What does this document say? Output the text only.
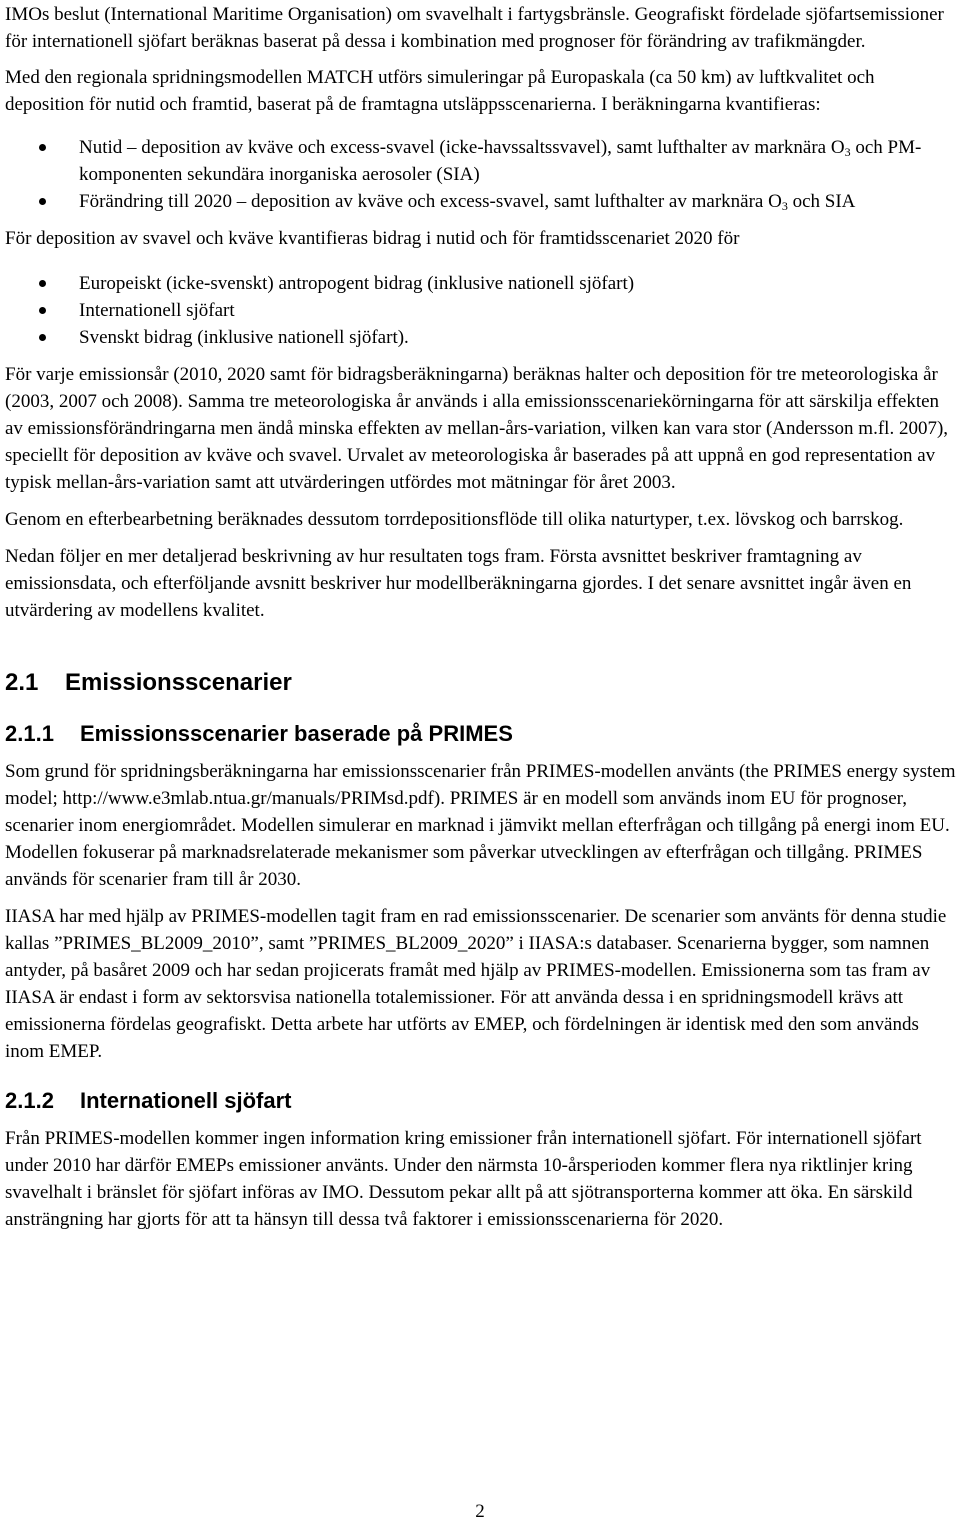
IMOs beslut (International Maritime Organisation) om svavelhalt i fartygsbränsle. Geografiskt fördelade sjöfartsemissioner för internationell sjöfart beräknas baserat på dessa i kombination med prognoser för förändring av trafikmängder.

Med den regionala spridningsmodellen MATCH utförs simuleringar på Europaskala (ca 50 km) av luftkvalitet och deposition för nutid och framtid, baserat på de framtagna utsläppsscenarierna. I beräkningarna kvantifieras:

Nutid – deposition av kväve och excess-svavel (icke-havssaltssvavel), samt lufthalter av marknära $O_3$ och PM-komponenten sekundära inorganiska aerosoler (SIA)
Förändring till 2020 – deposition av kväve och excess-svavel, samt lufthalter av marknära $O_3$ och SIA

För deposition av svavel och kväve kvantifieras bidrag i nutid och för framtidsscenariet 2020 för

Europeiskt (icke-svenskt) antropogent bidrag (inklusive nationell sjöfart)
Internationell sjöfart
Svenskt bidrag (inklusive nationell sjöfart).

För varje emissionsår (2010, 2020 samt för bidragsberäkningarna) beräknas halter och deposition för tre meteorologiska år (2003, 2007 och 2008). Samma tre meteorologiska år används i alla emissionsscenariekörningarna för att särskilja effekten av emissionsförändringarna men ändå minska effekten av mellan-års-variation, vilken kan vara stor (Andersson m.fl. 2007), speciellt för deposition av kväve och svavel. Urvalet av meteorologiska år baserades på att uppnå en god representation av typisk mellan-års-variation samt att utvärderingen utfördes mot mätningar för året 2003.

Genom en efterbearbetning beräknades dessutom torrdepositionsflöde till olika naturtyper, t.ex. lövskog och barrskog.

Nedan följer en mer detaljerad beskrivning av hur resultaten togs fram. Första avsnittet beskriver framtagning av emissionsdata, och efterföljande avsnitt beskriver hur modellberäkningarna gjordes. I det senare avsnittet ingår även en utvärdering av modellens kvalitet.

2.1 Emissionsscenarier
2.1.1 Emissionsscenarier baserade på PRIMES

Som grund för spridningsberäkningarna har emissionsscenarier från PRIMES-modellen använts (the PRIMES energy system model; http://www.e3mlab.ntua.gr/manuals/PRIMsd.pdf). PRIMES är en modell som används inom EU för prognoser, scenarier inom energiområdet. Modellen simulerar en marknad i jämvikt mellan efterfrågan och tillgång på energi inom EU. Modellen fokuserar på marknadsrelaterade mekanismer som påverkar utvecklingen av efterfrågan och tillgång. PRIMES används för scenarier fram till år 2030.

IIASA har med hjälp av PRIMES-modellen tagit fram en rad emissionsscenarier. De scenarier som använts för denna studie kallas ”PRIMES_BL2009_2010”, samt ”PRIMES_BL2009_2020” i IIASA:s databaser. Scenarierna bygger, som namnen antyder, på basåret 2009 och har sedan projicerats framåt med hjälp av PRIMES-modellen. Emissionerna som tas fram av IIASA är endast i form av sektorsvisa nationella totalemissioner. För att använda dessa i en spridningsmodell krävs att emissionerna fördelas geografiskt. Detta arbete har utförts av EMEP, och fördelningen är identisk med den som används inom EMEP.

2.1.2 Internationell sjöfart

Från PRIMES-modellen kommer ingen information kring emissioner från internationell sjöfart. För internationell sjöfart under 2010 har därför EMEPs emissioner använts. Under den närmsta 10-årsperioden kommer flera nya riktlinjer kring svavelhalt i bränslet för sjöfart införas av IMO. Dessutom pekar allt på att sjötransporterna kommer att öka. En särskild ansträngning har gjorts för att ta hänsyn till dessa två faktorer i emissionsscenarierna för 2020.

2
